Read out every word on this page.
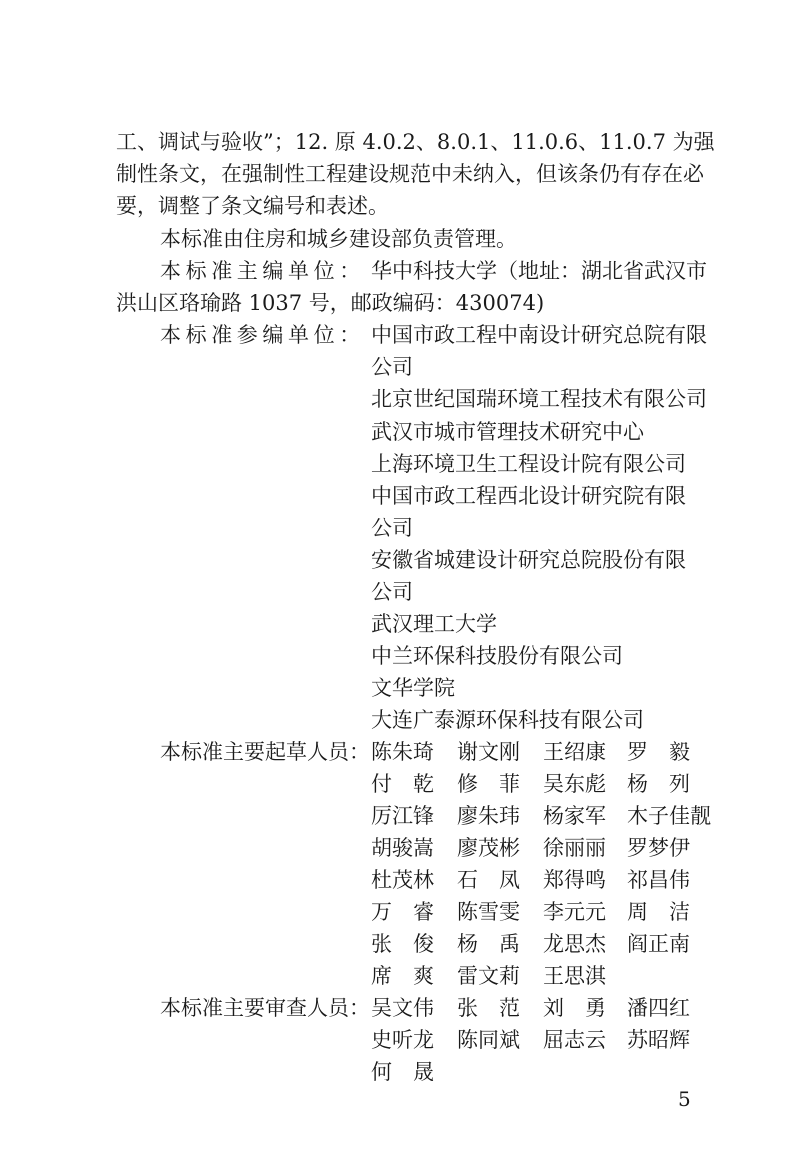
工、调试与验收”；12. 原 4.0.2、8.0.1、11.0.6、11.0.7 为强
制性条文，在强制性工程建设规范中未纳入，但该条仍有存在必
要，调整了条文编号和表述。
本标准由住房和城乡建设部负责管理。
本标准主编单位： 华中科技大学（地址：湖北省武汉市
洪山区珞瑜路 1037 号，邮政编码：430074)
本标准参编单位： 中国市政工程中南设计研究总院有限
公司
北京世纪国瑞环境工程技术有限公司
武汉市城市管理技术研究中心
上海环境卫生工程设计院有限公司
中国市政工程西北设计研究院有限
公司
安徽省城建设计研究总院股份有限
公司
武汉理工大学
中兰环保科技股份有限公司
文华学院
大连广泰源环保科技有限公司
本标准主要起草人员： 陈朱琦 谢文刚 王绍康 罗　毅
付　乾 修　菲 吴东彪 杨　列
厉江锋 廖朱玮 杨家军 木子佳靓
胡骏嵩 廖茂彬 徐丽丽 罗梦伊
杜茂林 石　凤 郑得鸣 祁昌伟
万　睿 陈雪雯 李元元 周　洁
张　俊 杨　禹 龙思杰 阎正南
席　爽 雷文莉 王思淇
本标准主要审查人员： 吴文伟 张　范 刘　勇 潘四红
史听龙 陈同斌 屈志云 苏昭辉
何　晟
5
